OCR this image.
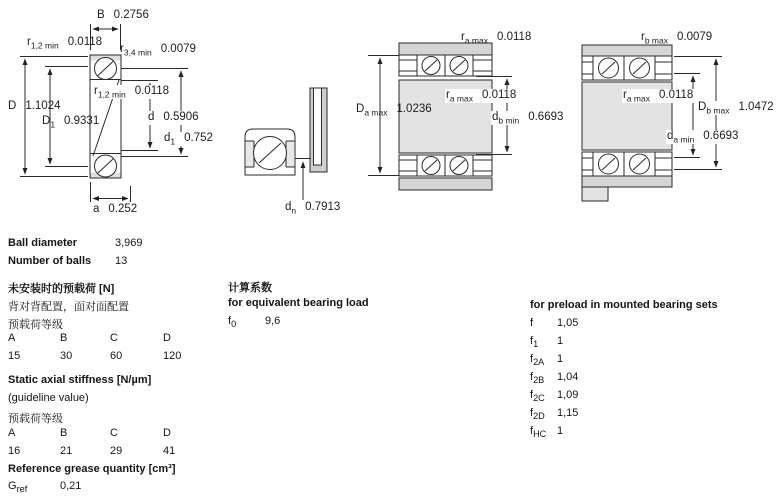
B 0.2756
$r_{1,2 min}$ 0.0118
$r_{3,4 min}$ 0.0079
D 1.1024
$D_1$ 0.9331
$r_{1,2 min}$ 0.0118
d 0.5906
$d_1$ 0.752
a 0.252	$d_n$ 0.7913
$r_{a max}$ 0.0118
$D_{a max}$ 1.0236
$r_{a max}$ 0.0118
$d_{b min}$ 0.6693
$r_{b max}$ 0.0079
$r_{a max}$ 0.0118
$D_{b max}$ 1.0472
$d_{a min}$ 0.6693
Ball diameter	3,969
Number of balls	13
未安装时的预载荷 [N]
背对背配置，面对面配置
预载荷等级
A	B	C	D
15	30	60	120
Static axial stiffness [N/µm]
(guideline value)
预载荷等级
A	B	C	D
16	21	29	41
Reference grease quantity [cm³]
$G_{ref}$	0,21
计算系数
for equivalent bearing load
$f_0$	9,6
for preload in mounted bearing sets
f	1,05
$f_1$	1
$f_{2A}$	1
$f_{2B}$	1,04
$f_{2C}$	1,09
$f_{2D}$	1,15
$f_{HC}$ 1
